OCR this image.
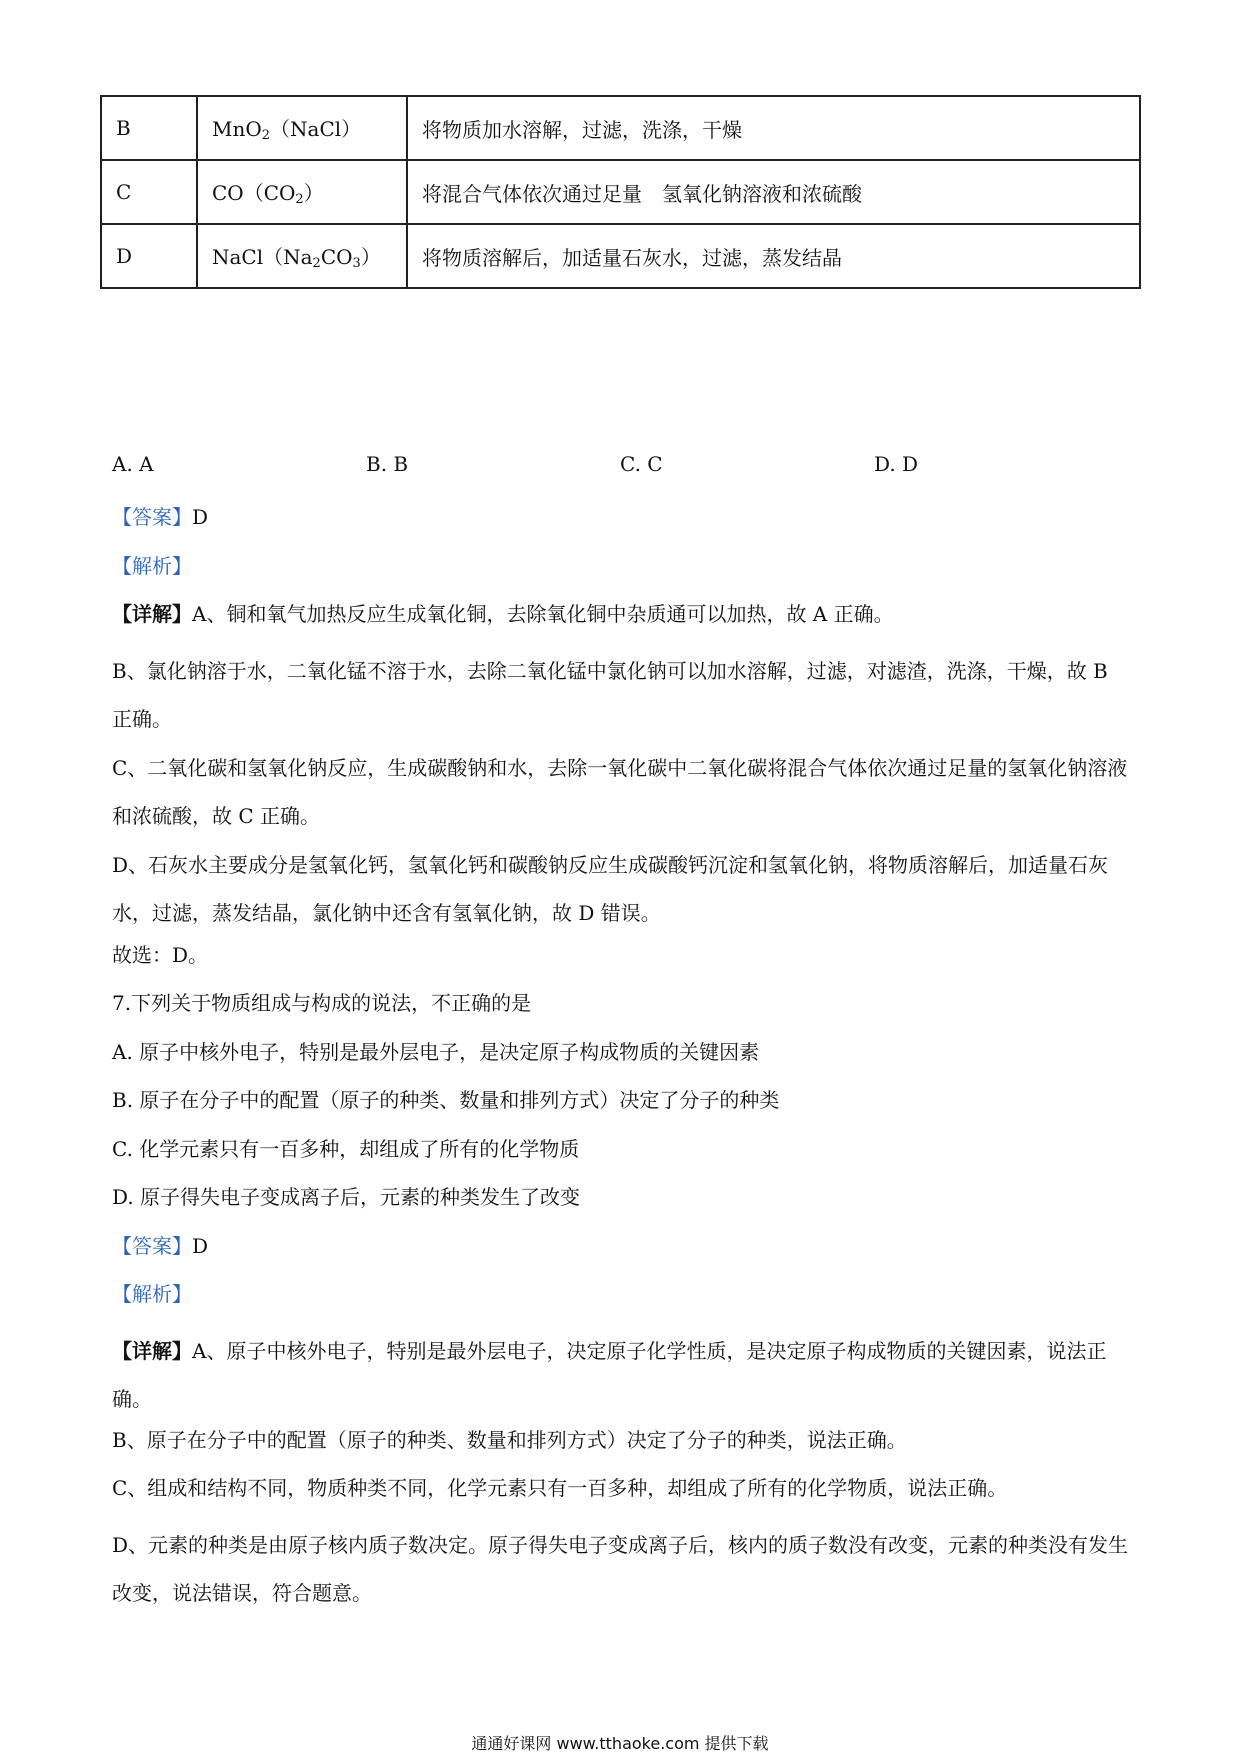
B	MnO$_2$（NaCl）	将物质加水溶解，过滤，洗涤，干燥
C	$CO(CO_2)$	将混合气体依次通过足量　氢氧化钠溶液和浓硫酸
D	$NaCl(Na_2CO_3)$	将物质溶解后，加适量石灰水，过滤，蒸发结晶
A. A	B. B	C. C	D. D
【答案】D
【解析】
【详解】A、铜和氧气加热反应生成氧化铜，去除氧化铜中杂质通可以加热，故 A 正确。
B、氯化钠溶于水，二氧化锰不溶于水，去除二氧化锰中氯化钠可以加水溶解，过滤，对滤渣，洗涤，干燥，故 B 正确。
C、二氧化碳和氢氧化钠反应，生成碳酸钠和水，去除一氧化碳中二氧化碳将混合气体依次通过足量的氢氧化钠溶液和浓硫酸，故 C 正确。
D、石灰水主要成分是氢氧化钙，氢氧化钙和碳酸钠反应生成碳酸钙沉淀和氢氧化钠，将物质溶解后，加适量石灰水，过滤，蒸发结晶，氯化钠中还含有氢氧化钠，故 D 错误。
故选：D。
7.下列关于物质组成与构成的说法，不正确的是
A. 原子中核外电子，特别是最外层电子，是决定原子构成物质的关键因素
B. 原子在分子中的配置（原子的种类、数量和排列方式）决定了分子的种类
C. 化学元素只有一百多种，却组成了所有的化学物质
D. 原子得失电子变成离子后，元素的种类发生了改变
【答案】D
【解析】
【详解】A、原子中核外电子，特别是最外层电子，决定原子化学性质，是决定原子构成物质的关键因素，说法正确。
B、原子在分子中的配置（原子的种类、数量和排列方式）决定了分子的种类，说法正确。
C、组成和结构不同，物质种类不同，化学元素只有一百多种，却组成了所有的化学物质，说法正确。
D、元素的种类是由原子核内质子数决定。原子得失电子变成离子后，核内的质子数没有改变，元素的种类没有发生改变，说法错误，符合题意。
通通好课网 www.tthaoke.com 提供下载
